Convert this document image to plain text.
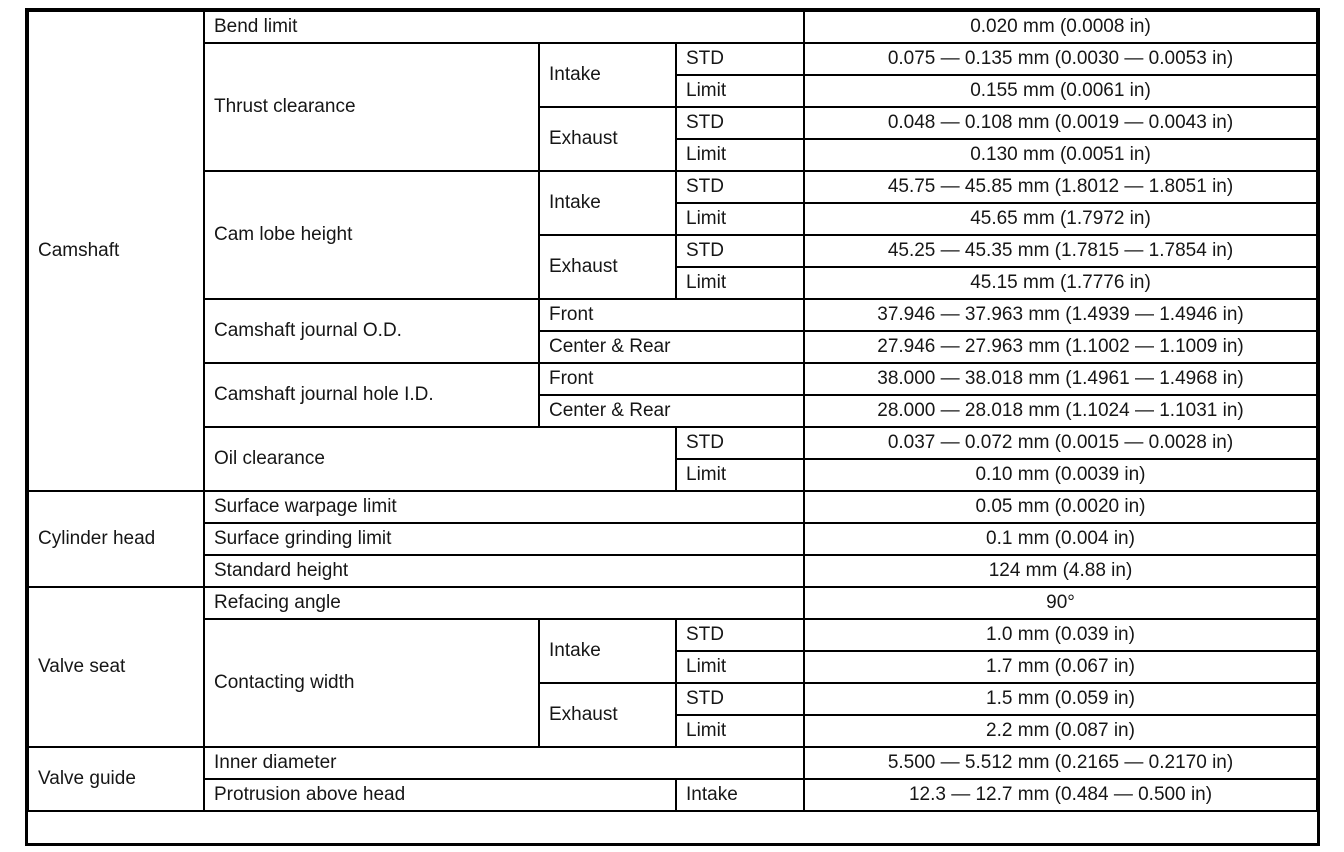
Camshaft	Bend limit			0.020 mm (0.0008 in)
	Thrust clearance	Intake	STD	0.075 — 0.135 mm (0.0030 — 0.0053 in)
			Limit	0.155 mm (0.0061 in)
		Exhaust	STD	0.048 — 0.108 mm (0.0019 — 0.0043 in)
			Limit	0.130 mm (0.0051 in)
	Cam lobe height	Intake	STD	45.75 — 45.85 mm (1.8012 — 1.8051 in)
			Limit	45.65 mm (1.7972 in)
		Exhaust	STD	45.25 — 45.35 mm (1.7815 — 1.7854 in)
			Limit	45.15 mm (1.7776 in)
	Camshaft journal O.D.	Front		37.946 — 37.963 mm (1.4939 — 1.4946 in)
		Center & Rear		27.946 — 27.963 mm (1.1002 — 1.1009 in)
	Camshaft journal hole I.D.	Front		38.000 — 38.018 mm (1.4961 — 1.4968 in)
		Center & Rear		28.000 — 28.018 mm (1.1024 — 1.1031 in)
	Oil clearance		STD	0.037 — 0.072 mm (0.0015 — 0.0028 in)
			Limit	0.10 mm (0.0039 in)
Cylinder head	Surface warpage limit			0.05 mm (0.0020 in)
	Surface grinding limit			0.1 mm (0.004 in)
	Standard height			124 mm (4.88 in)
Valve seat	Refacing angle			90°
	Contacting width	Intake	STD	1.0 mm (0.039 in)
			Limit	1.7 mm (0.067 in)
		Exhaust	STD	1.5 mm (0.059 in)
			Limit	2.2 mm (0.087 in)
Valve guide	Inner diameter			5.500 — 5.512 mm (0.2165 — 0.2170 in)
	Protrusion above head		Intake	12.3 — 12.7 mm (0.484 — 0.500 in)
